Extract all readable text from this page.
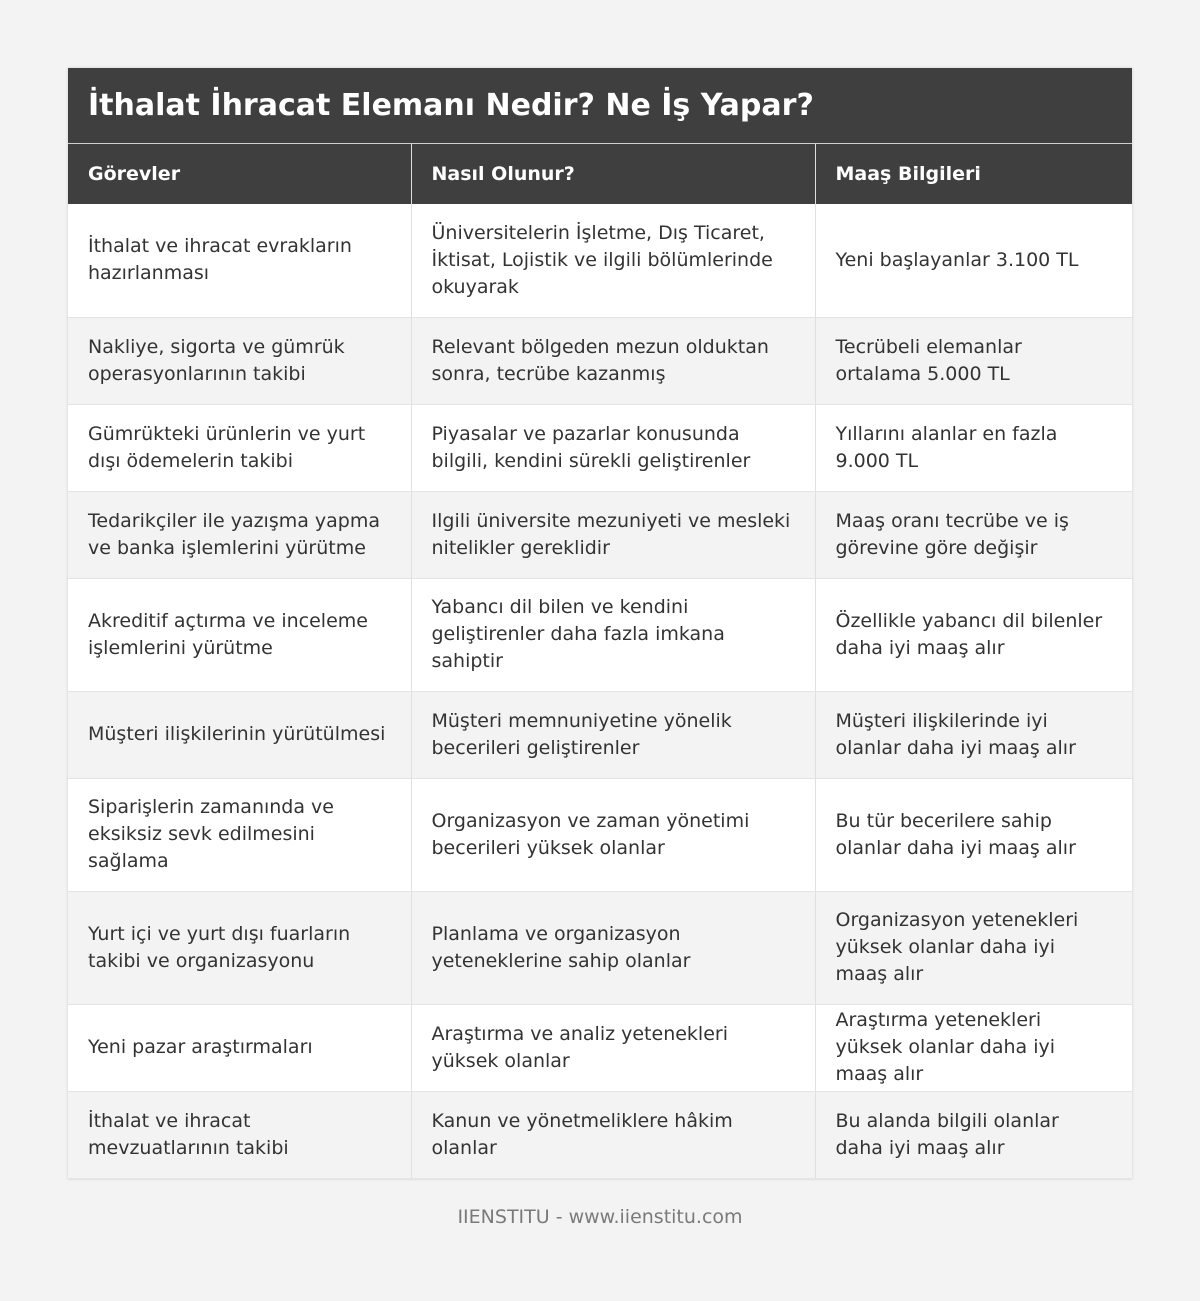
İthalat İhracat Elemanı Nedir? Ne İş Yapar?
Görevler	Nasıl Olunur?	Maaş Bilgileri
İthalat ve ihracat evrakların hazırlanması	Üniversitelerin İşletme, Dış Ticaret, İktisat, Lojistik ve ilgili bölümlerinde okuyarak	Yeni başlayanlar 3.100 TL
Nakliye, sigorta ve gümrük operasyonlarının takibi	Relevant bölgeden mezun olduktan sonra, tecrübe kazanmış	Tecrübeli elemanlar ortalama 5.000 TL
Gümrükteki ürünlerin ve yurt dışı ödemelerin takibi	Piyasalar ve pazarlar konusunda bilgili, kendini sürekli geliştirenler	Yıllarını alanlar en fazla 9.000 TL
Tedarikçiler ile yazışma yapma ve banka işlemlerini yürütme	Ilgili üniversite mezuniyeti ve mesleki nitelikler gereklidir	Maaş oranı tecrübe ve iş görevine göre değişir
Akreditif açtırma ve inceleme işlemlerini yürütme	Yabancı dil bilen ve kendini geliştirenler daha fazla imkana sahiptir	Özellikle yabancı dil bilenler daha iyi maaş alır
Müşteri ilişkilerinin yürütülmesi	Müşteri memnuniyetine yönelik becerileri geliştirenler	Müşteri ilişkilerinde iyi olanlar daha iyi maaş alır
Siparişlerin zamanında ve eksiksiz sevk edilmesini sağlama	Organizasyon ve zaman yönetimi becerileri yüksek olanlar	Bu tür becerilere sahip olanlar daha iyi maaş alır
Yurt içi ve yurt dışı fuarların takibi ve organizasyonu	Planlama ve organizasyon yeteneklerine sahip olanlar	Organizasyon yetenekleri yüksek olanlar daha iyi maaş alır
Yeni pazar araştırmaları	Araştırma ve analiz yetenekleri yüksek olanlar	Araştırma yetenekleri yüksek olanlar daha iyi maaş alır
İthalat ve ihracat mevzuatlarının takibi	Kanun ve yönetmeliklere hâkim olanlar	Bu alanda bilgili olanlar daha iyi maaş alır
IIENSTITU - www.iienstitu.com
